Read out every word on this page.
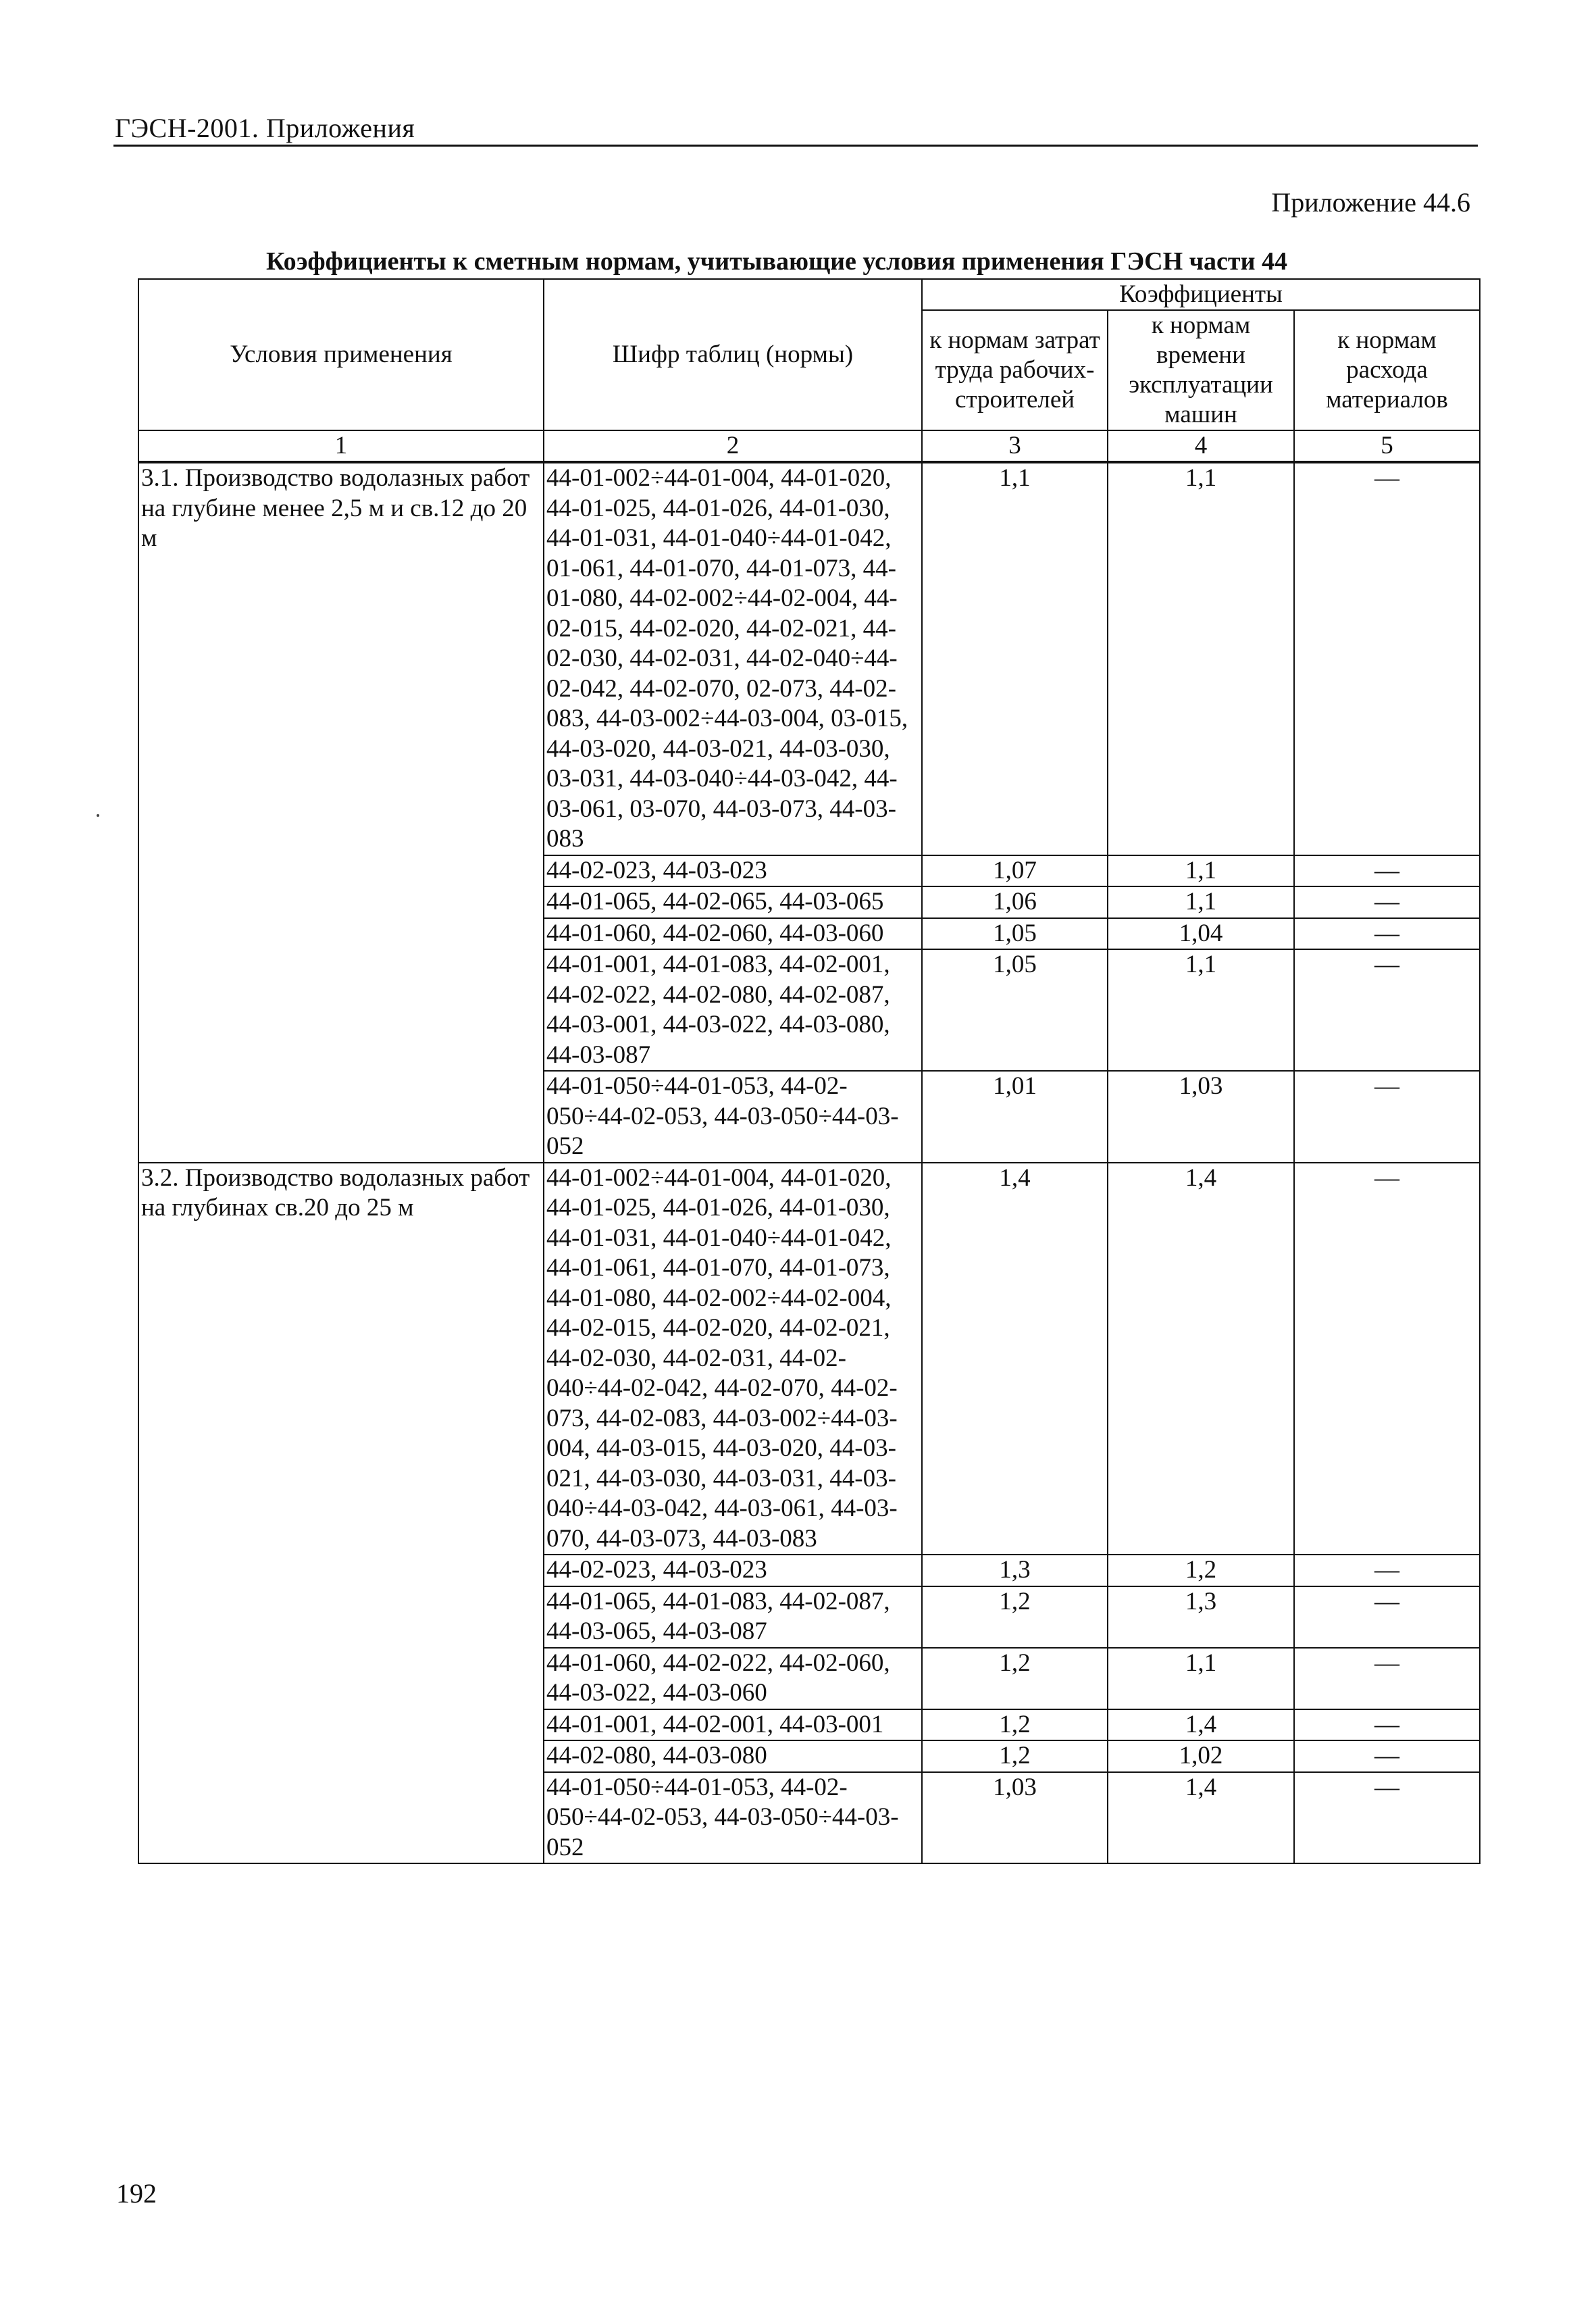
ГЭСН-2001. Приложения
Приложение 44.6
Коэффициенты к сметным нормам, учитывающие условия применения ГЭСН части 44
Условия применения	Шифр таблиц (нормы)	Коэффициенты		
		к нормам затрат труда рабочих-строителей	к нормам времени эксплуатации машин	к нормам расхода материалов
1	2	3	4	5
3.1. Производство водолазных работ на глубине менее 2,5 м и св.12 до 20 м	44-01-002÷44-01-004, 44-01-020, 44-01-025, 44-01-026, 44-01-030, 44-01-031, 44-01-040÷44-01-042, 01-061, 44-01-070, 44-01-073, 44-01-080, 44-02-002÷44-02-004, 44-02-015, 44-02-020, 44-02-021, 44-02-030, 44-02-031, 44-02-040÷44-02-042, 44-02-070, 02-073, 44-02-083, 44-03-002÷44-03-004, 03-015, 44-03-020, 44-03-021, 44-03-030, 03-031, 44-03-040÷44-03-042, 44-03-061, 03-070, 44-03-073, 44-03-083	1,1	1,1	—
	44-02-023, 44-03-023	1,07	1,1	—
	44-01-065, 44-02-065, 44-03-065	1,06	1,1	—
	44-01-060, 44-02-060, 44-03-060	1,05	1,04	—
	44-01-001, 44-01-083, 44-02-001, 44-02-022, 44-02-080, 44-02-087, 44-03-001, 44-03-022, 44-03-080, 44-03-087	1,05	1,1	—
	44-01-050÷44-01-053, 44-02-050÷44-02-053, 44-03-050÷44-03-052	1,01	1,03	—
3.2. Производство водолазных работ на глубинах св.20 до 25 м	44-01-002÷44-01-004, 44-01-020, 44-01-025, 44-01-026, 44-01-030, 44-01-031, 44-01-040÷44-01-042, 44-01-061, 44-01-070, 44-01-073, 44-01-080, 44-02-002÷44-02-004, 44-02-015, 44-02-020, 44-02-021, 44-02-030, 44-02-031, 44-02-040÷44-02-042, 44-02-070, 44-02-073, 44-02-083, 44-03-002÷44-03-004, 44-03-015, 44-03-020, 44-03-021, 44-03-030, 44-03-031, 44-03-040÷44-03-042, 44-03-061, 44-03-070, 44-03-073, 44-03-083	1,4	1,4	—
	44-02-023, 44-03-023	1,3	1,2	—
	44-01-065, 44-01-083, 44-02-087, 44-03-065, 44-03-087	1,2	1,3	—
	44-01-060, 44-02-022, 44-02-060, 44-03-022, 44-03-060	1,2	1,1	—
	44-01-001, 44-02-001, 44-03-001	1,2	1,4	—
	44-02-080, 44-03-080	1,2	1,02	—
	44-01-050÷44-01-053, 44-02-050÷44-02-053, 44-03-050÷44-03-052	1,03	1,4	—
192
